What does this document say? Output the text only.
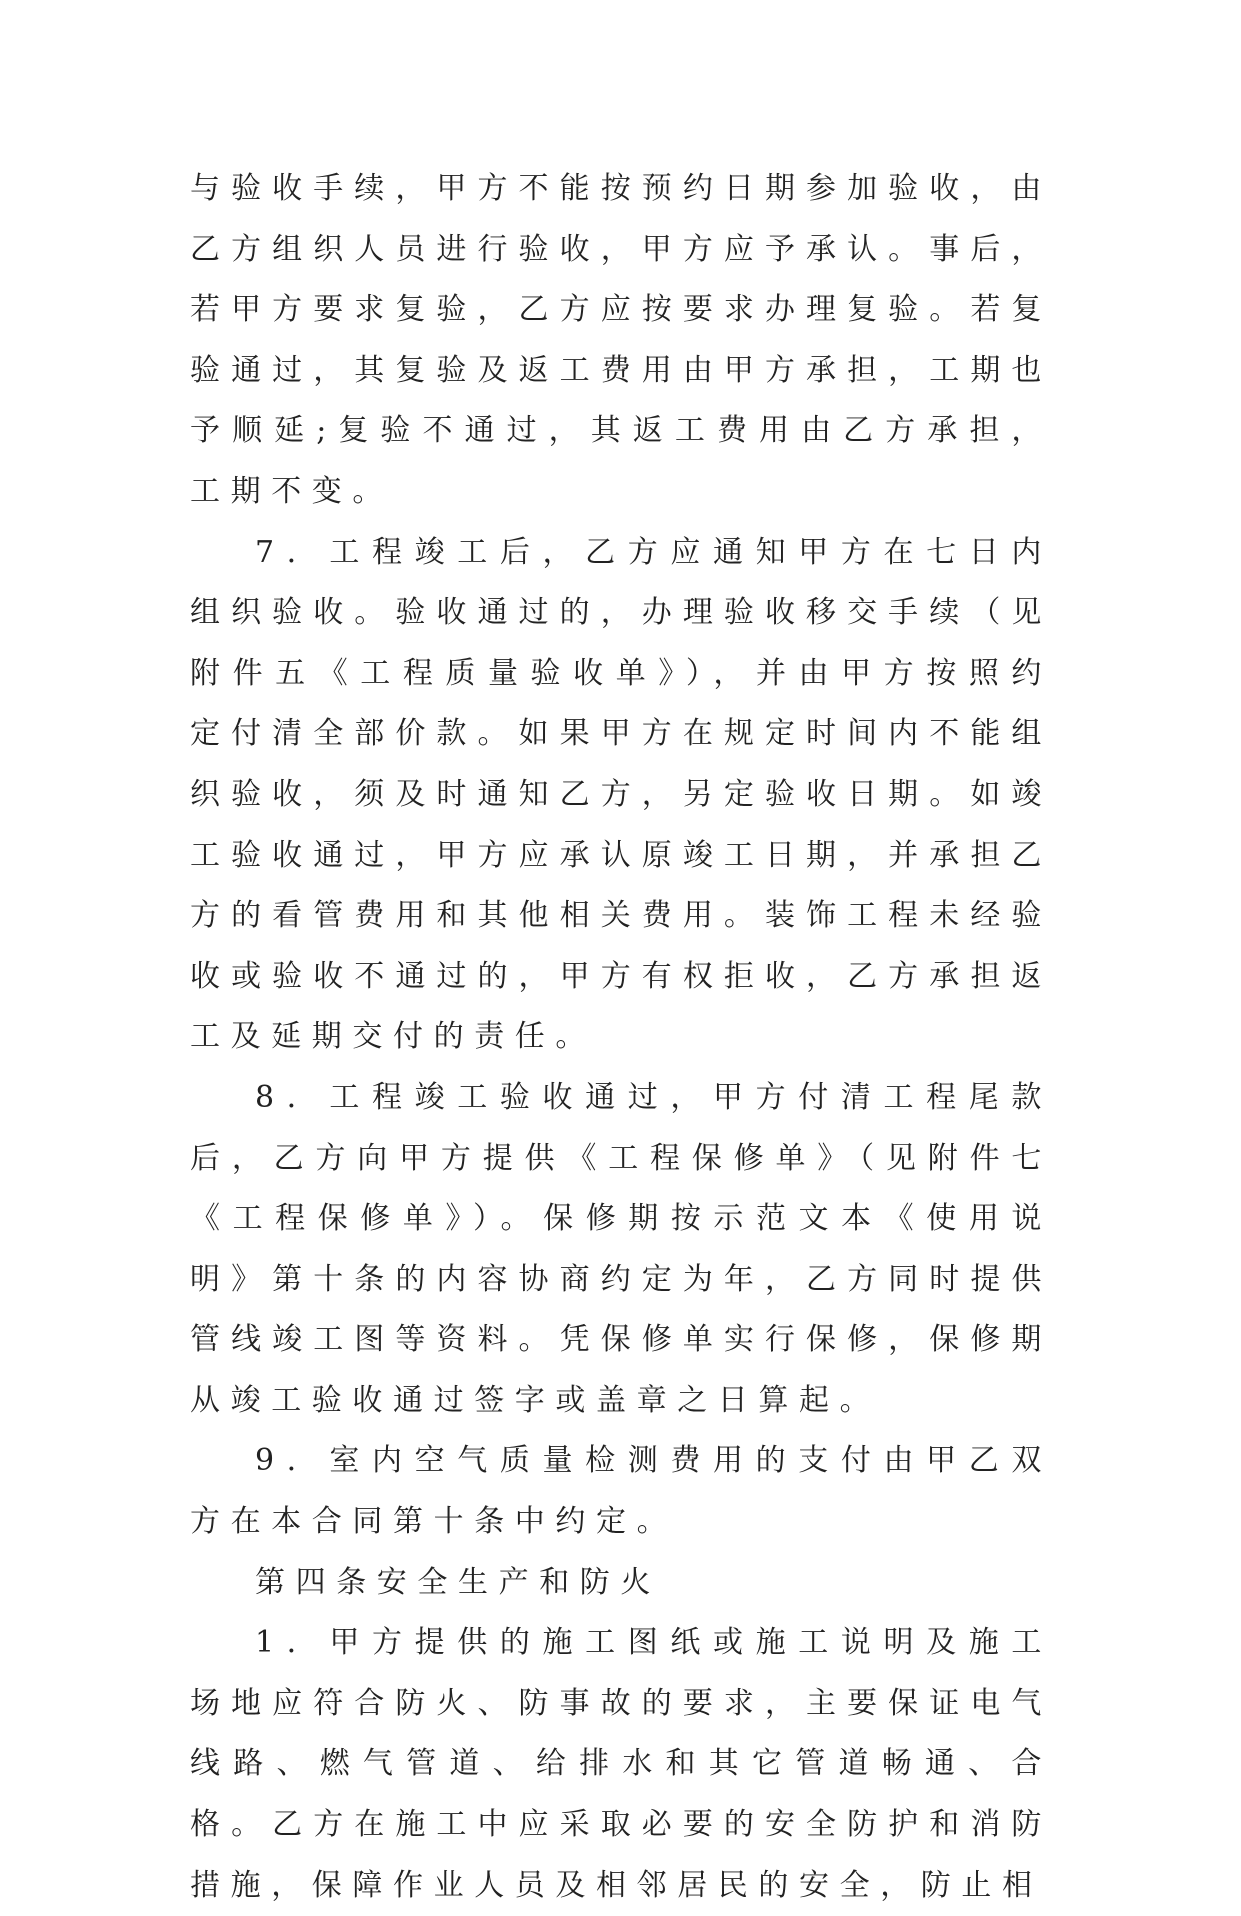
与验收手续，甲方不能按预约日期参加验收，由乙方组织人员进行验收，甲方应予承认。事后，若甲方要求复验，乙方应按要求办理复验。若复验通过，其复验及返工费用由甲方承担，工期也予顺延;复验不通过，其返工费用由乙方承担，工期不变。

7．工程竣工后，乙方应通知甲方在七日内组织验收。验收通过的，办理验收移交手续（见附件五《工程质量验收单》），并由甲方按照约定付清全部价款。如果甲方在规定时间内不能组织验收，须及时通知乙方，另定验收日期。如竣工验收通过，甲方应承认原竣工日期，并承担乙方的看管费用和其他相关费用。装饰工程未经验收或验收不通过的，甲方有权拒收，乙方承担返工及延期交付的责任。

8．工程竣工验收通过，甲方付清工程尾款后，乙方向甲方提供《工程保修单》（见附件七《工程保修单》）。保修期按示范文本《使用说明》第十条的内容协商约定为年，乙方同时提供管线竣工图等资料。凭保修单实行保修，保修期从竣工验收通过签字或盖章之日算起。

9．室内空气质量检测费用的支付由甲乙双方在本合同第十条中约定。

第四条安全生产和防火

1．甲方提供的施工图纸或施工说明及施工场地应符合防火、防事故的要求，主要保证电气线路、燃气管道、给排水和其它管道畅通、合格。乙方在施工中应采取必要的安全防护和消防措施，保障作业人员及相邻居民的安全，防止相
